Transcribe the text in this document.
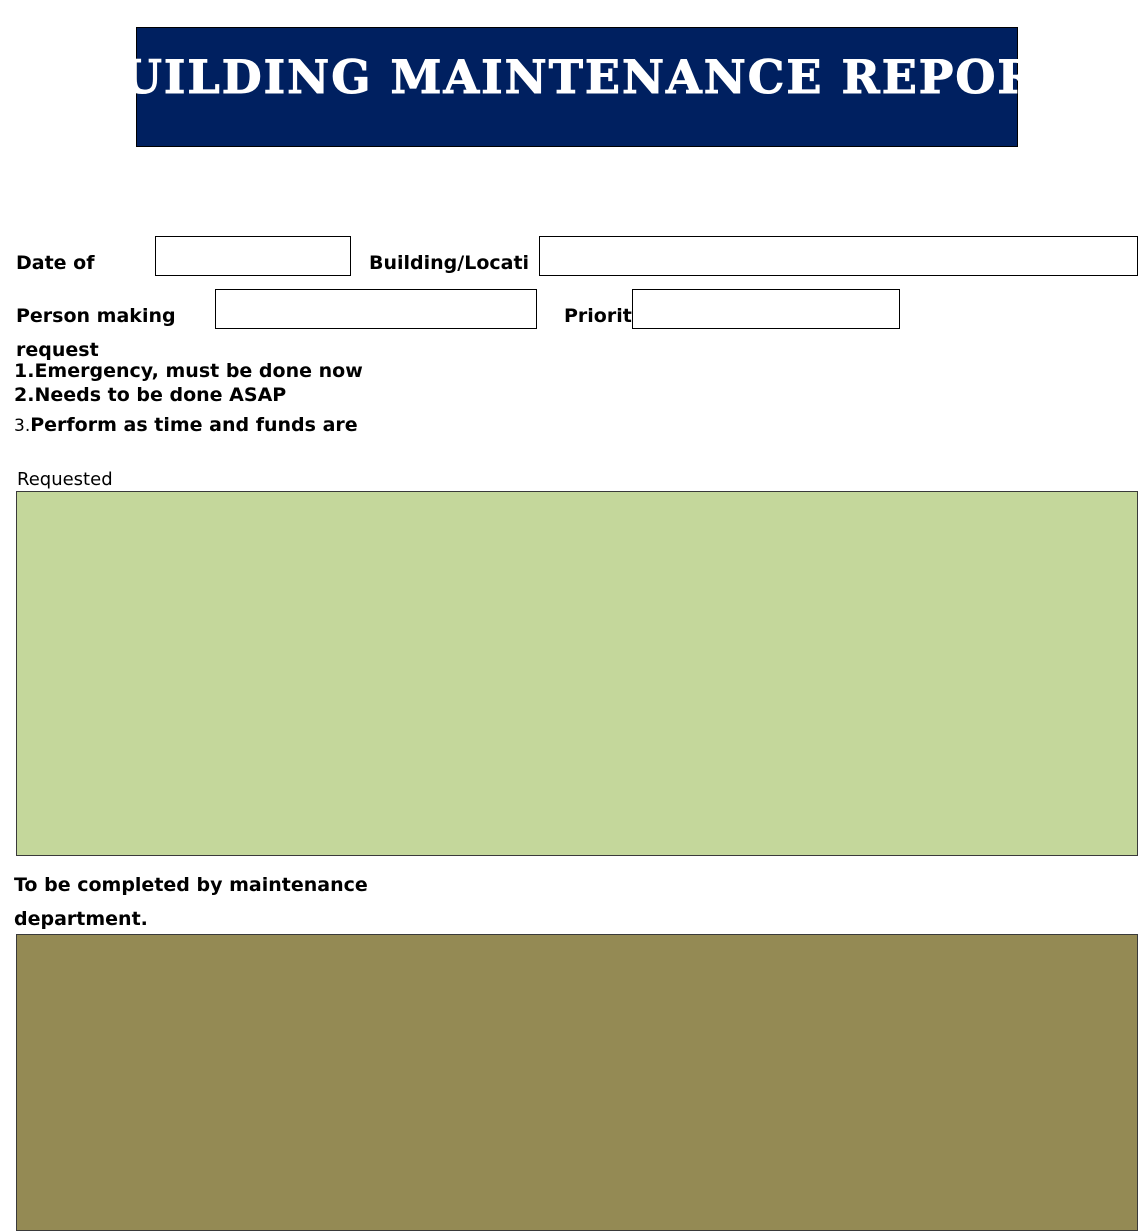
BUILDING MAINTENANCE REPORT
Date of	Building/Locati
Person making	Priorit
request
1.Emergency, must be done now
2.Needs to be done ASAP
3.Perform as time and funds are
Requested
To be completed by maintenance
department.
